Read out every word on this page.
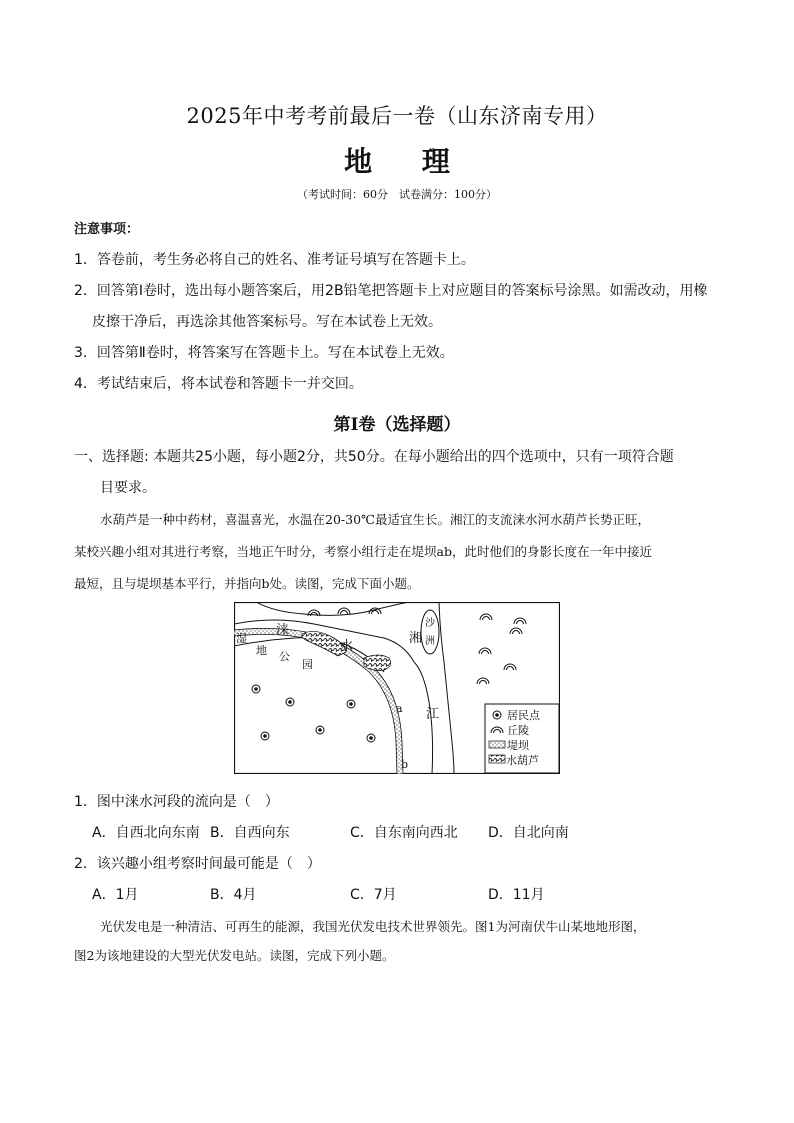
2025年中考考前最后一卷（山东济南专用）
地 理
（考试时间：60分　试卷满分：100分）
注意事项：
1．答卷前，考生务必将自己的姓名、准考证号填写在答题卡上。
2．回答第Ⅰ卷时，选出每小题答案后，用2B铅笔把答题卡上对应题目的答案标号涂黑。如需改动，用橡
皮擦干净后，再选涂其他答案标号。写在本试卷上无效。
3．回答第Ⅱ卷时，将答案写在答题卡上。写在本试卷上无效。
4．考试结束后，将本试卷和答题卡一并交回。
第Ⅰ卷（选择题）
一、选择题: 本题共25小题，每小题2分，共50分。在每小题给出的四个选项中，只有一项符合题
目要求。
水葫芦是一种中药材，喜温喜光，水温在20-30℃最适宜生长。湘江的支流涞水河水葫芦长势正旺，
某校兴趣小组对其进行考察，当地正午时分，考察小组行走在堤坝ab，此时他们的身影长度在一年中接近
最短，且与堤坝基本平行，并指向b处。读图，完成下面小题。
湿
地 公
园
涞
水
湘
江
沙
洲
a
b
居民点
丘陵
堤坝
水葫芦
1．图中涞水河段的流向是（　）
A．自西北向东南 B．自西向东	C．自东南向西北 D．自北向南
2．该兴趣小组考察时间最可能是（　）
A．1月	B．4月	C．7月	D．11月
光伏发电是一种清洁、可再生的能源，我国光伏发电技术世界领先。图1为河南伏牛山某地地形图，
图2为该地建设的大型光伏发电站。读图，完成下列小题。
